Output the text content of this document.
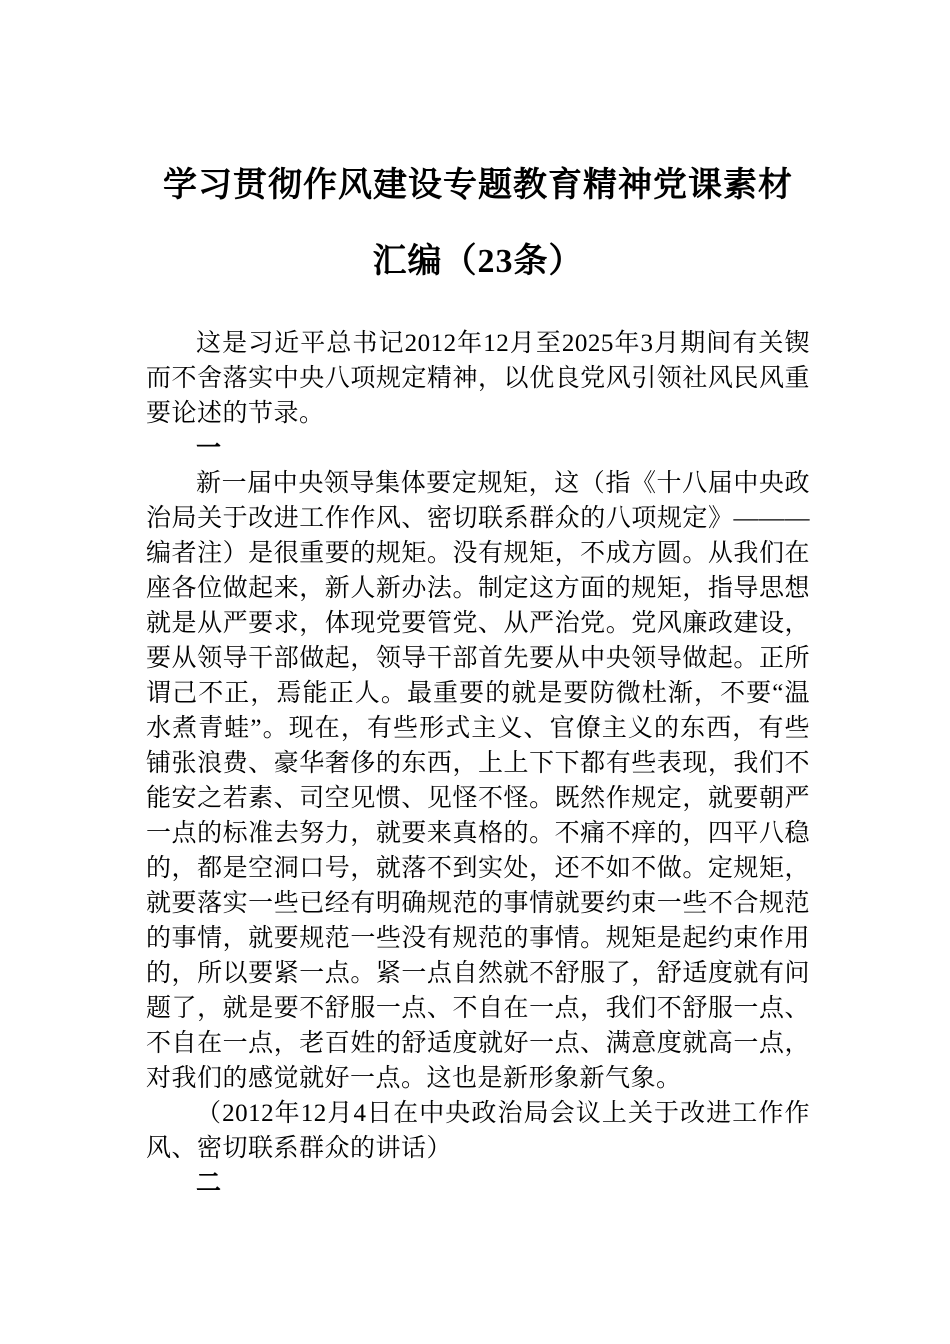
学习贯彻作风建设专题教育精神党课素材
汇编（23条）

这是习近平总书记2012年12月至2025年3月期间有关锲而不舍落实中央八项规定精神，以优良党风引领社风民风重要论述的节录。

一

新一届中央领导集体要定规矩，这（指《十八届中央政治局关于改进工作作风、密切联系群众的八项规定》———编者注）是很重要的规矩。没有规矩，不成方圆。从我们在座各位做起来，新人新办法。制定这方面的规矩，指导思想就是从严要求，体现党要管党、从严治党。党风廉政建设，要从领导干部做起，领导干部首先要从中央领导做起。正所谓己不正，焉能正人。最重要的就是要防微杜渐，不要“温水煮青蛙”。现在，有些形式主义、官僚主义的东西，有些铺张浪费、豪华奢侈的东西，上上下下都有些表现，我们不能安之若素、司空见惯、见怪不怪。既然作规定，就要朝严一点的标准去努力，就要来真格的。不痛不痒的，四平八稳的，都是空洞口号，就落不到实处，还不如不做。定规矩，就要落实一些已经有明确规范的事情就要约束一些不合规范的事情，就要规范一些没有规范的事情。规矩是起约束作用的，所以要紧一点。紧一点自然就不舒服了，舒适度就有问题了，就是要不舒服一点、不自在一点，我们不舒服一点、不自在一点，老百姓的舒适度就好一点、满意度就高一点，对我们的感觉就好一点。这也是新形象新气象。

（2012年12月4日在中央政治局会议上关于改进工作作风、密切联系群众的讲话）

二
